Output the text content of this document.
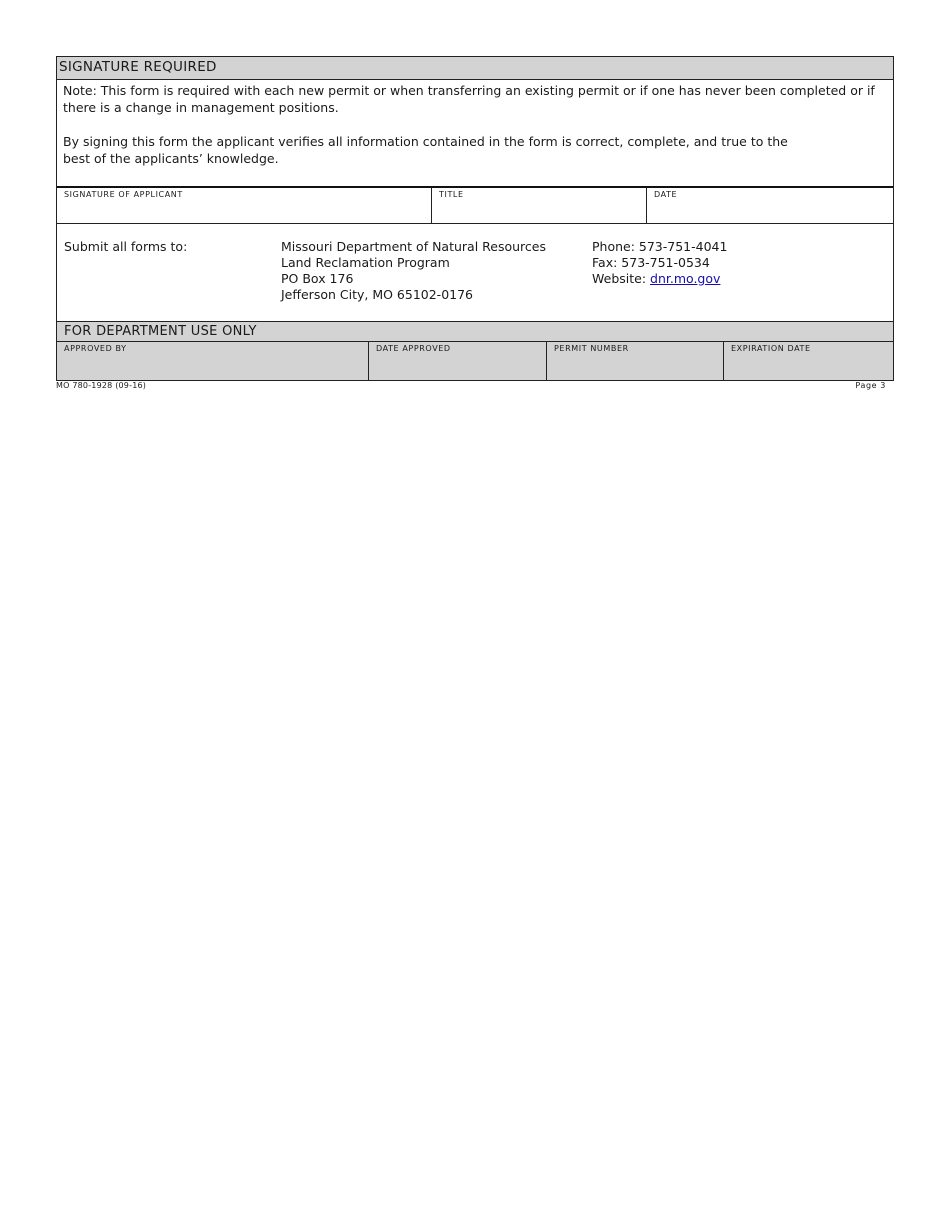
SIGNATURE REQUIRED

Note: This form is required with each new permit or when transferring an existing permit or if one has never been completed or if there is a change in management positions.

By signing this form the applicant verifies all information contained in the form is correct, complete, and true to the best of the applicants’ knowledge.

SIGNATURE OF APPLICANT	TITLE	DATE
Submit all forms to:	Missouri Department of Natural Resources
Land Reclamation Program
PO Box 176
Jefferson City, MO 65102-0176
Phone: 573-751-4041
Fax: 573-751-0534
Website: dnr.mo.gov
FOR DEPARTMENT USE ONLY
APPROVED BY	DATE APPROVED	PERMIT NUMBER	EXPIRATION DATE
MO 780-1928 (09-16)	Page 3
